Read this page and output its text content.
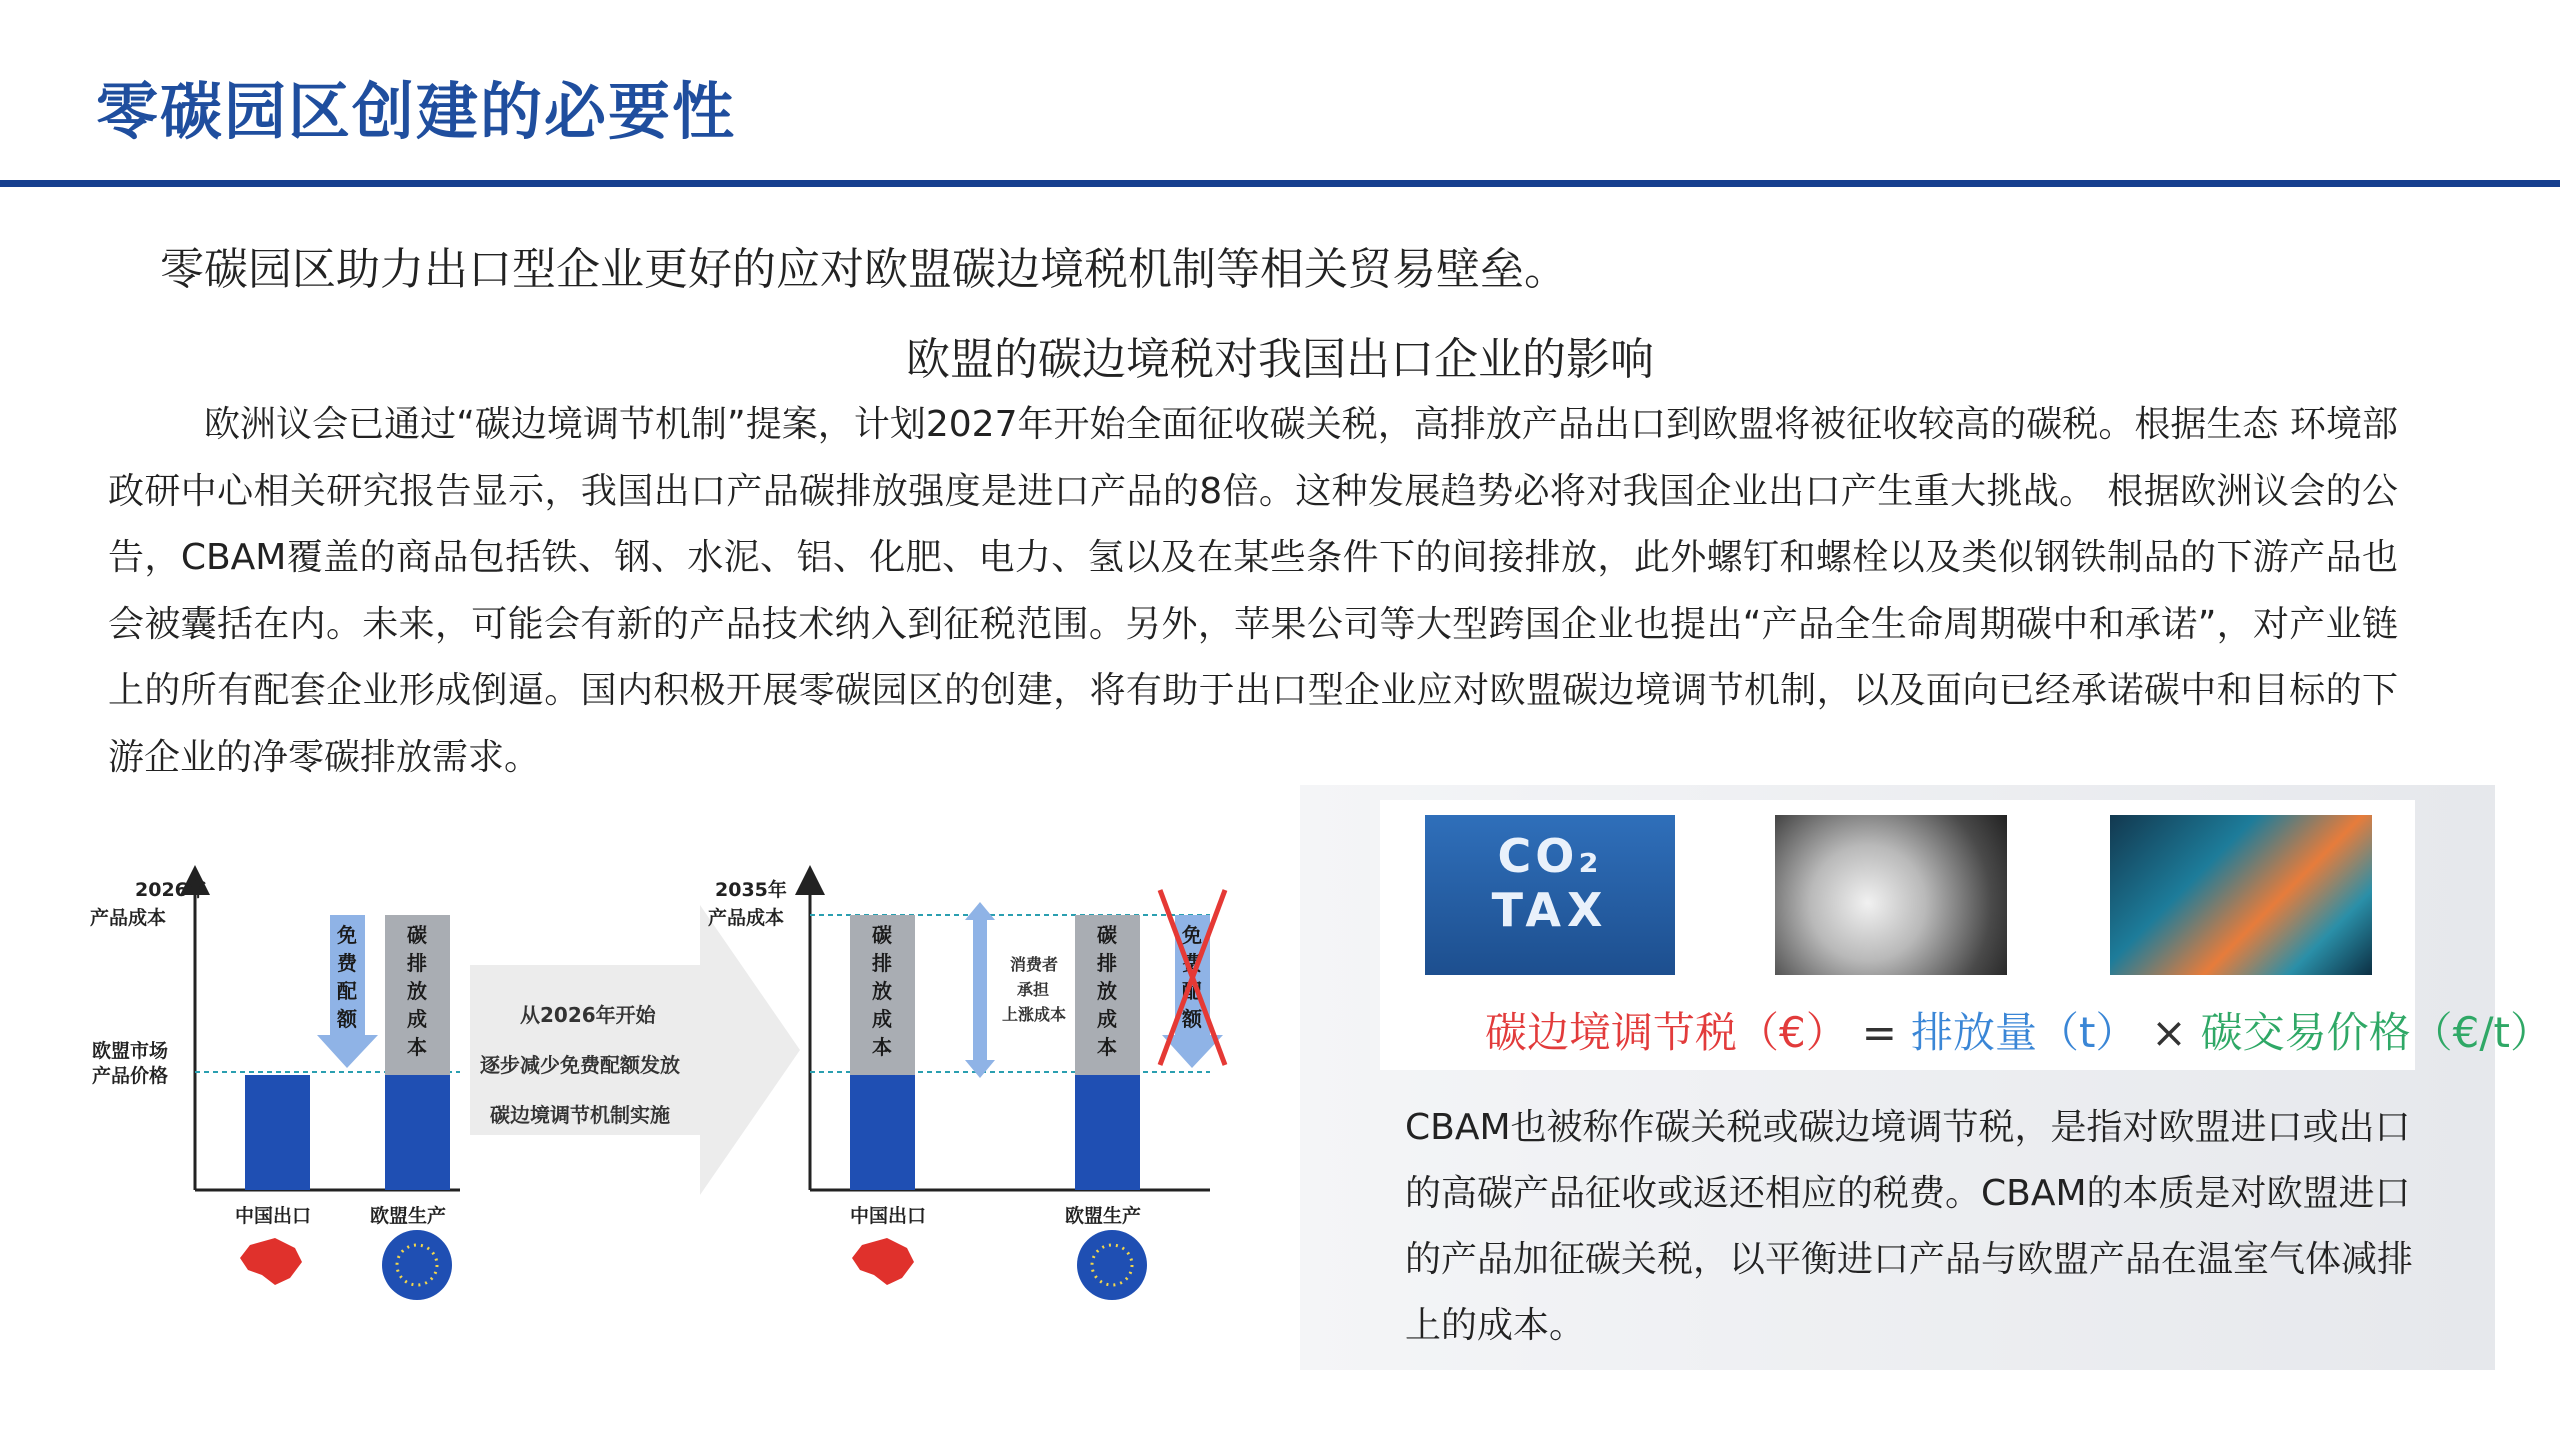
零碳园区创建的必要性
零碳园区助力出口型企业更好的应对欧盟碳边境税机制等相关贸易壁垒。
欧盟的碳边境税对我国出口企业的影响

欧洲议会已通过“碳边境调节机制”提案，计划2027年开始全面征收碳关税，高排放产品出口到欧盟将被征收较高的碳税。根据生态 环境部政研中心相关研究报告显示，我国出口产品碳排放强度是进口产品的8倍。这种发展趋势必将对我国企业出口产生重大挑战。 根据欧洲议会的公告，CBAM覆盖的商品包括铁、钢、水泥、铝、化肥、电力、氢以及在某些条件下的间接排放，此外螺钉和螺栓以及类似钢铁制品的下游产品也会被囊括在内。未来，可能会有新的产品技术纳入到征税范围。另外，苹果公司等大型跨国企业也提出“产品全生命周期碳中和承诺”，对产业链上的所有配套企业形成倒逼。国内积极开展零碳园区的创建，将有助于出口型企业应对欧盟碳边境调节机制，以及面向已经承诺碳中和目标的下游企业的净零碳排放需求。

2026年
产品成本
欧盟市场
产品价格
免
费
配
额
碳
排
放
成
本
中国出口	欧盟生产
从2026年开始
逐步减少免费配额发放
碳边境调节机制实施
2035年
产品成本
碳
排
放
成
本
碳
排
放
成
本
消费者
承担
上涨成本
免
费
配
额
中国出口	欧盟生产
CO₂
TAX
碳边境调节税（€） = 排放量（t） × 碳交易价格（€/t）
CBAM也被称作碳关税或碳边境调节税，是指对欧盟进口或出口的高碳产品征收或返还相应的税费。CBAM的本质是对欧盟进口的产品加征碳关税，以平衡进口产品与欧盟产品在温室气体减排上的成本。
